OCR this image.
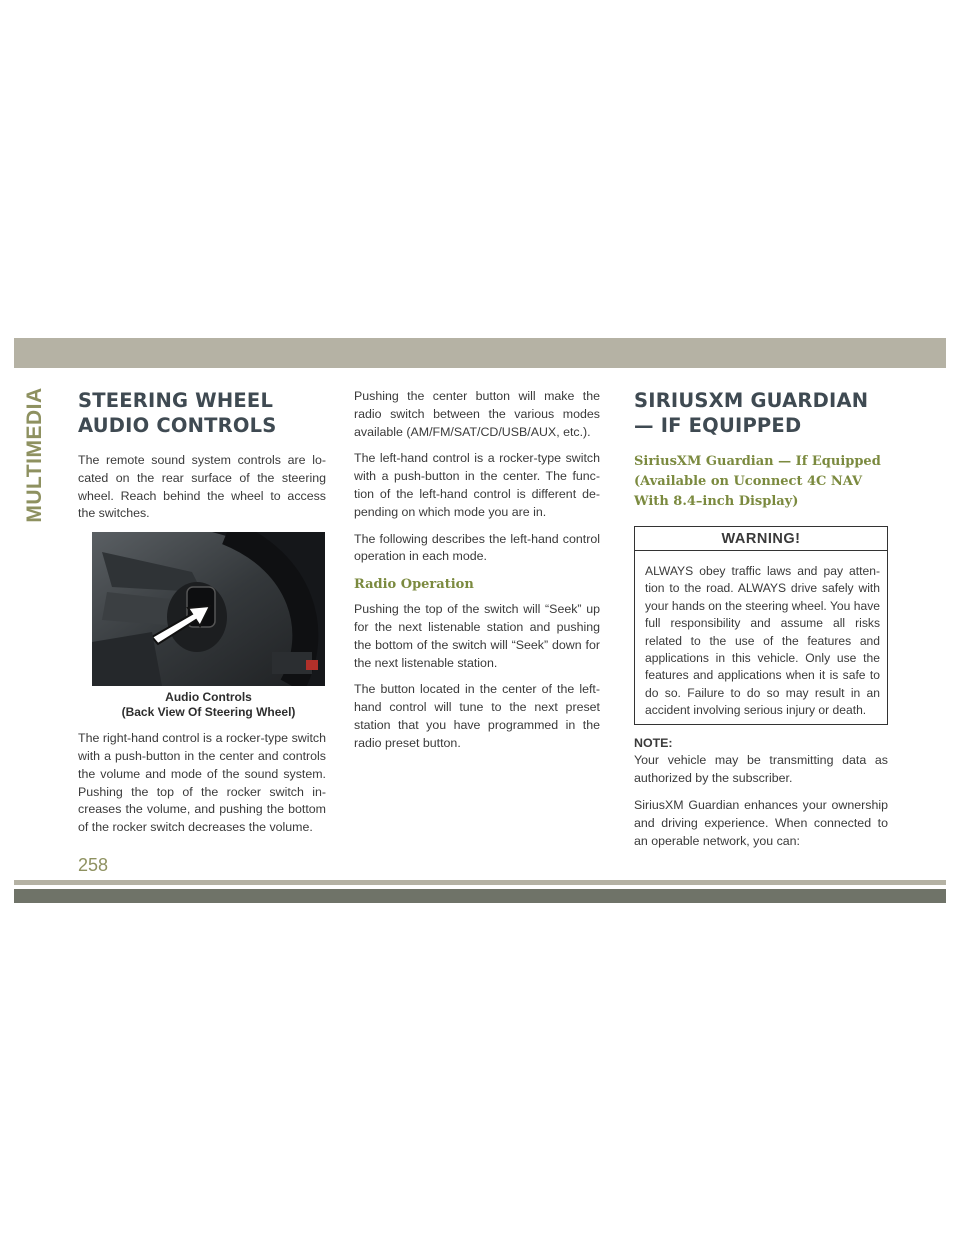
MULTIMEDIA STEERING WHEEL AUDIO CONTROLS

The remote sound system controls are lo-cated on the rear surface of the steering wheel. Reach behind the wheel to access the switches.

Audio Controls
(Back View Of Steering Wheel)

The right-hand control is a rocker-type switch with a push-button in the center and controls the volume and mode of the sound system. Pushing the top of the rocker switch in-creases the volume, and pushing the bottom of the rocker switch decreases the volume.

Pushing the center button will make the radio switch between the various modes available (AM/FM/SAT/CD/USB/AUX, etc.).

The left-hand control is a rocker-type switch with a push-button in the center. The func-tion of the left-hand control is different de-pending on which mode you are in.

The following describes the left-hand control operation in each mode.

Radio Operation

Pushing the top of the switch will “Seek” up for the next listenable station and pushing the bottom of the switch will “Seek” down for the next listenable station.

The button located in the center of the left-hand control will tune to the next preset station that you have programmed in the radio preset button.

SIRIUSXM GUARDIAN — IF EQUIPPED
SiriusXM Guardian — If Equipped (Available on Uconnect 4C NAV With 8.4–inch Display)
WARNING!

ALWAYS obey traffic laws and pay atten-tion to the road. ALWAYS drive safely with your hands on the steering wheel. You have full responsibility and assume all risks related to the use of the features and applications in this vehicle. Only use the features and applications when it is safe to do so. Failure to do so may result in an accident involving serious injury or death.

NOTE:

Your vehicle may be transmitting data as authorized by the subscriber.

SiriusXM Guardian enhances your ownership and driving experience. When connected to an operable network, you can:

258
